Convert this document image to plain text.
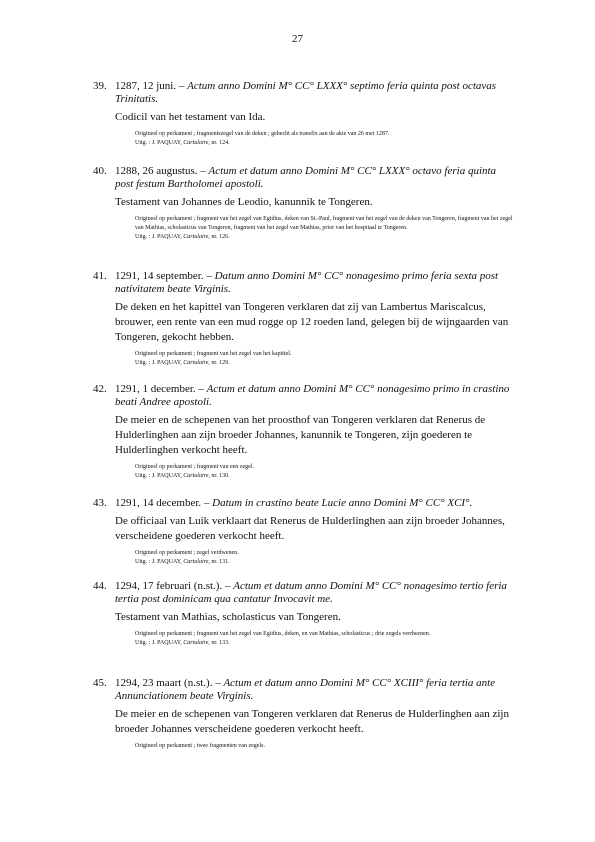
27
39. 1287, 12 juni. – Actum anno Domini M° CC° LXXX° septimo feria quinta post octavas Trinitatis.
Codicil van het testament van Ida.
Origineel op perkament ; fragmentszegel van de deken ; gehecht als transfix aan de akte van 26 mei 1287.
Uitg. : J. PAQUAY, Cartulaire, nr. 124.
40. 1288, 26 augustus. – Actum et datum anno Domini M° CC° LXXX° octavo feria quinta post festum Bartholomei apostoli.
Testament van Johannes de Leodio, kanunnik te Tongeren.
Origineel op perkament ; fragment van het zegel van Egidius, deken van St.-Paul, fragment van het zegel van de deken van Tongeren, fragment van het zegel van Mathias, scholasticus van Tongeren, fragment van het zegel van Mathias, prior van het hospitaal te Tongeren.
Uitg. : J. PAQUAY, Cartulaire, nr. 126.
41. 1291, 14 september. – Datum anno Domini M° CC° nonagesimo primo feria sexta post nativitatem beate Virginis.
De deken en het kapittel van Tongeren verklaren dat zij van Lambertus Mariscalcus, brouwer, een rente van een mud rogge op 12 roeden land, gelegen bij de wijngaarden van Tongeren, gekocht hebben.
Origineel op perkament ; fragment van het zegel van het kapittel.
Uitg. : J. PAQUAY, Cartulaire, nr. 129.
42. 1291, 1 december. – Actum et datum anno Domini M° CC° nonagesimo primo in crastino beati Andree apostoli.
De meier en de schepenen van het proosthof van Tongeren verklaren dat Renerus de Hulderlinghen aan zijn broeder Johannes, kanunnik te Tongeren, zijn goederen te Hulderlinghen verkocht heeft.
Origineel op perkament ; fragment van een zegel.
Uitg. : J. PAQUAY, Cartulaire, nr. 130.
43. 1291, 14 december. – Datum in crastino beate Lucie anno Domini M° CC° XCI°.
De officiaal van Luik verklaart dat Renerus de Hulderlinghen aan zijn broeder Johannes, verscheidene goederen verkocht heeft.
Origineel op perkament ; zegel verdwenen.
Uitg. : J. PAQUAY, Cartulaire, nr. 131.
44. 1294, 17 februari (n.st.). – Actum et datum anno Domini M° CC° nonagesimo tertio feria tertia post dominicam qua cantatur Invocavit me.
Testament van Mathias, scholasticus van Tongeren.
Origineel op perkament ; fragment van het zegel van Egidius, deken, en van Mathias, scholasticus ; drie zegels verdwenen.
Uitg. : J. PAQUAY, Cartulaire, nr. 133.
45. 1294, 23 maart (n.st.). – Actum et datum anno Domini M° CC° XCIII° feria tertia ante Annunciationem beate Virginis.
De meier en de schepenen van Tongeren verklaren dat Renerus de Hulderlinghen aan zijn broeder Johannes verscheidene goederen verkocht heeft.
Origineel op perkament ; twee fragmenten van zegels.
